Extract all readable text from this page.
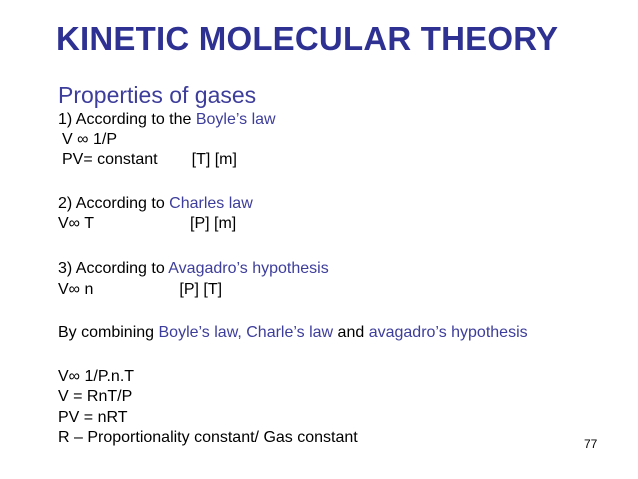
KINETIC MOLECULAR THEORY
Properties of gases
1) According to the Boyle’s law
V ∞ 1/P
PV= constant [T] [m]
2) According to Charles law
V∞ T	[P] [m]
3) According to Avagadro’s hypothesis
V∞ n	[P] [T]
By combining Boyle’s law, Charle’s law and avagadro’s hypothesis
V∞ 1/P.n.T
V = RnT/P
PV = nRT
R – Proportionality constant/ Gas constant	77
